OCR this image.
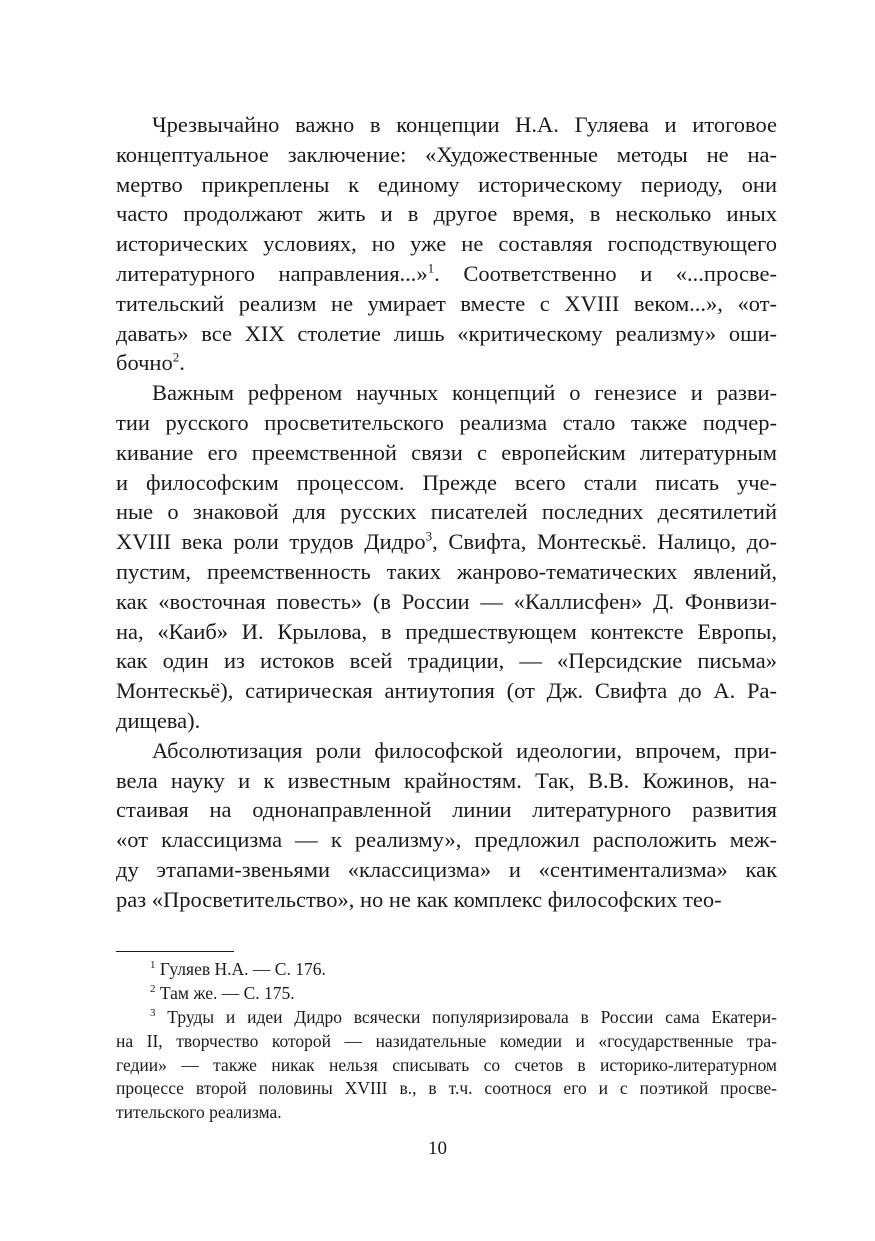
Чрезвычайно важно в концепции Н.А. Гуляева и итоговое
концептуальное заключение: «Художественные методы не на-
мертво прикреплены к единому историческому периоду, они
часто продолжают жить и в другое время, в несколько иных
исторических условиях, но уже не составляя господствующего
литературного направления...»$^1$. Соответственно и «...просве-
тительский реализм не умирает вместе с XVIII веком...», «от-
давать» все XIX столетие лишь «критическому реализму» оши-
бочно$^2$.
Важным рефреном научных концепций о генезисе и разви-
тии русского просветительского реализма стало также подчер-
кивание его преемственной связи с европейским литературным
и философским процессом. Прежде всего стали писать уче-
ные о знаковой для русских писателей последних десятилетий
XVIII века роли трудов Дидро$^3$, Свифта, Монтескьё. Налицо, до-
пустим, преемственность таких жанрово-тематических явлений,
как «восточная повесть» (в России — «Каллисфен» Д. Фонвизи-
на, «Каиб» И. Крылова, в предшествующем контексте Европы,
как один из истоков всей традиции, — «Персидские письма»
Монтескьё), сатирическая антиутопия (от Дж. Свифта до А. Ра-
дищева).
Абсолютизация роли философской идеологии, впрочем, при-
вела науку и к известным крайностям. Так, В.В. Кожинов, на-
стаивая на однонаправленной линии литературного развития
«от классицизма — к реализму», предложил расположить меж-
ду этапами-звеньями «классицизма» и «сентиментализма» как
раз «Просветительство», но не как комплекс философских тео-
$^1$ Гуляев Н.А. — С. 176.
$^2$ Там же. — С. 175.
$^3$ Труды и идеи Дидро всячески популяризировала в России сама Екатери-
на II, творчество которой — назидательные комедии и «государственные тра-
гедии» — также никак нельзя списывать со счетов в историко-литературном
процессе второй половины XVIII в., в т.ч. соотнося его и с поэтикой просве-
тительского реализма.
10
